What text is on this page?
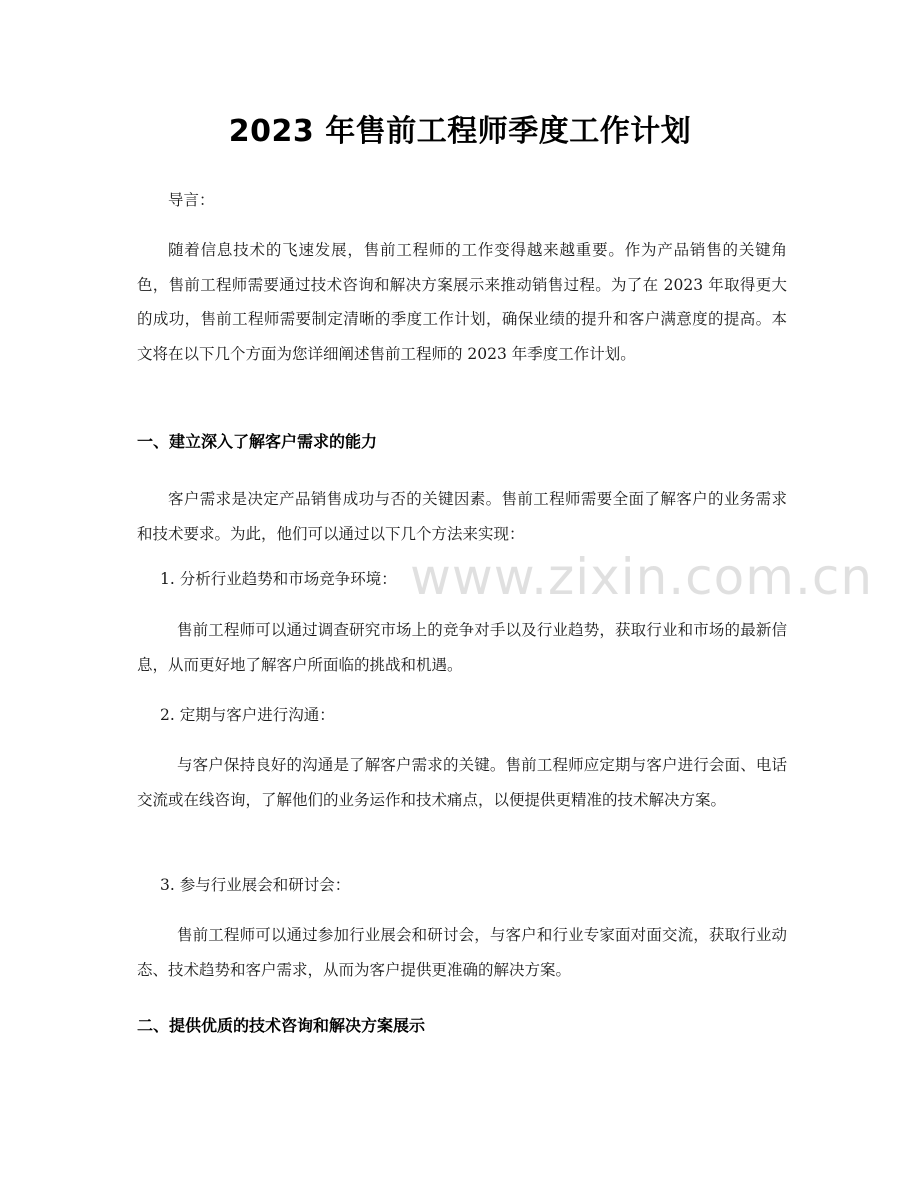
2023 年售前工程师季度工作计划
导言：
随着信息技术的飞速发展，售前工程师的工作变得越来越重要。作为产品销售的关键角色，售前工程师需要通过技术咨询和解决方案展示来推动销售过程。为了在 2023 年取得更大的成功，售前工程师需要制定清晰的季度工作计划，确保业绩的提升和客户满意度的提高。本文将在以下几个方面为您详细阐述售前工程师的 2023 年季度工作计划。
一、建立深入了解客户需求的能力
客户需求是决定产品销售成功与否的关键因素。售前工程师需要全面了解客户的业务需求和技术要求。为此，他们可以通过以下几个方法来实现：
1. 分析行业趋势和市场竞争环境：
售前工程师可以通过调查研究市场上的竞争对手以及行业趋势，获取行业和市场的最新信息，从而更好地了解客户所面临的挑战和机遇。
2. 定期与客户进行沟通：
与客户保持良好的沟通是了解客户需求的关键。售前工程师应定期与客户进行会面、电话交流或在线咨询，了解他们的业务运作和技术痛点，以便提供更精准的技术解决方案。
3. 参与行业展会和研讨会：
售前工程师可以通过参加行业展会和研讨会，与客户和行业专家面对面交流，获取行业动态、技术趋势和客户需求，从而为客户提供更准确的解决方案。
二、提供优质的技术咨询和解决方案展示
www.zixin.com.cn
